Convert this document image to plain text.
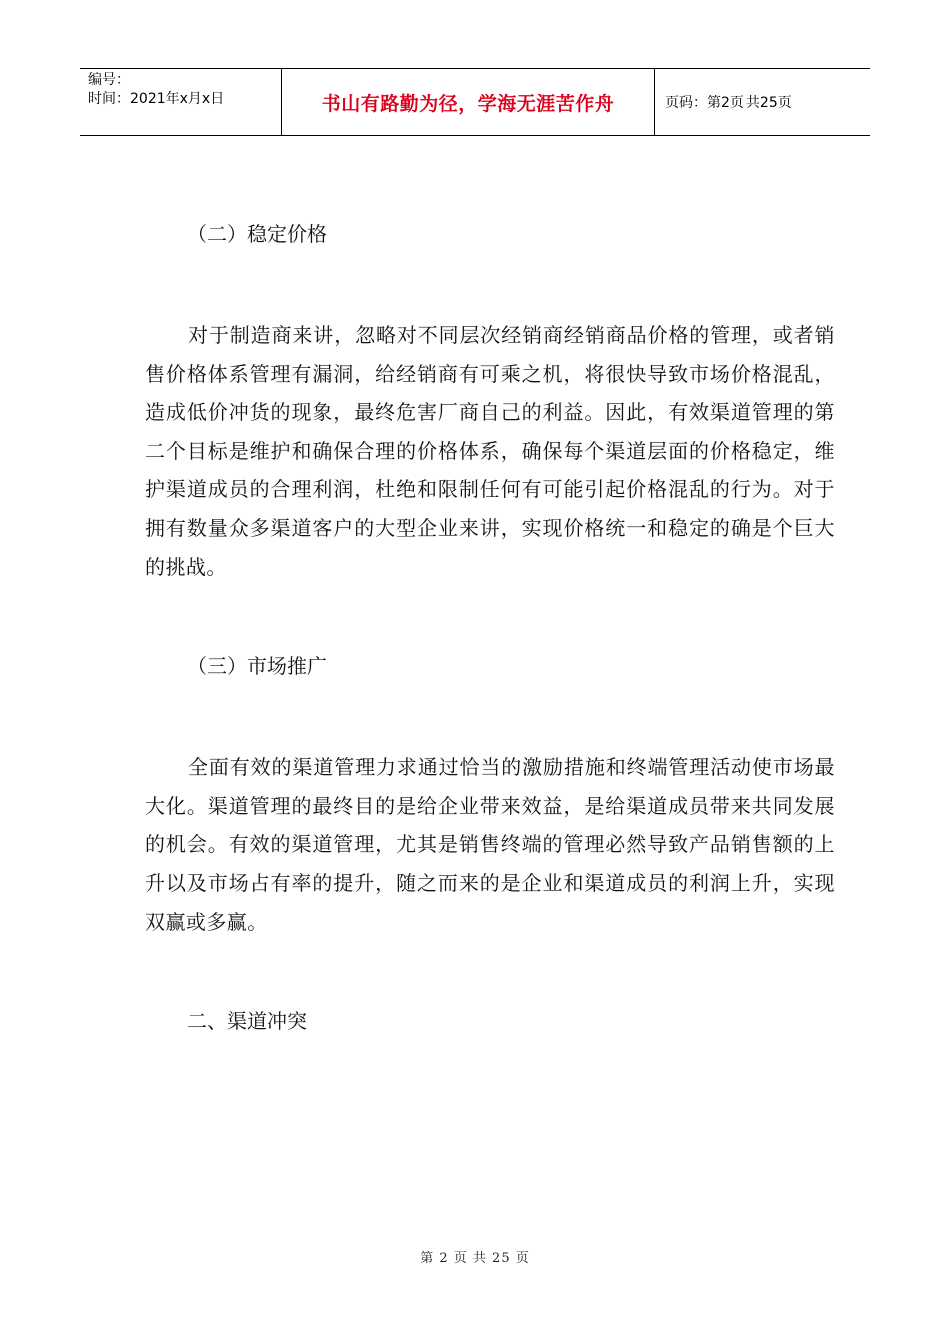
编号：
时间：2021年x月x日	书山有路勤为径，学海无涯苦作舟	页码：第2页 共25页
（二）稳定价格

对于制造商来讲，忽略对不同层次经销商经销商品价格的管理，或者销售价格体系管理有漏洞，给经销商有可乘之机，将很快导致市场价格混乱，造成低价冲货的现象，最终危害厂商自己的利益。因此，有效渠道管理的第二个目标是维护和确保合理的价格体系，确保每个渠道层面的价格稳定，维护渠道成员的合理利润，杜绝和限制任何有可能引起价格混乱的行为。对于拥有数量众多渠道客户的大型企业来讲，实现价格统一和稳定的确是个巨大的挑战。

（三）市场推广

全面有效的渠道管理力求通过恰当的激励措施和终端管理活动使市场最大化。渠道管理的最终目的是给企业带来效益，是给渠道成员带来共同发展的机会。有效的渠道管理，尤其是销售终端的管理必然导致产品销售额的上升以及市场占有率的提升，随之而来的是企业和渠道成员的利润上升，实现双赢或多赢。

二、渠道冲突
第 2 页 共 25 页
